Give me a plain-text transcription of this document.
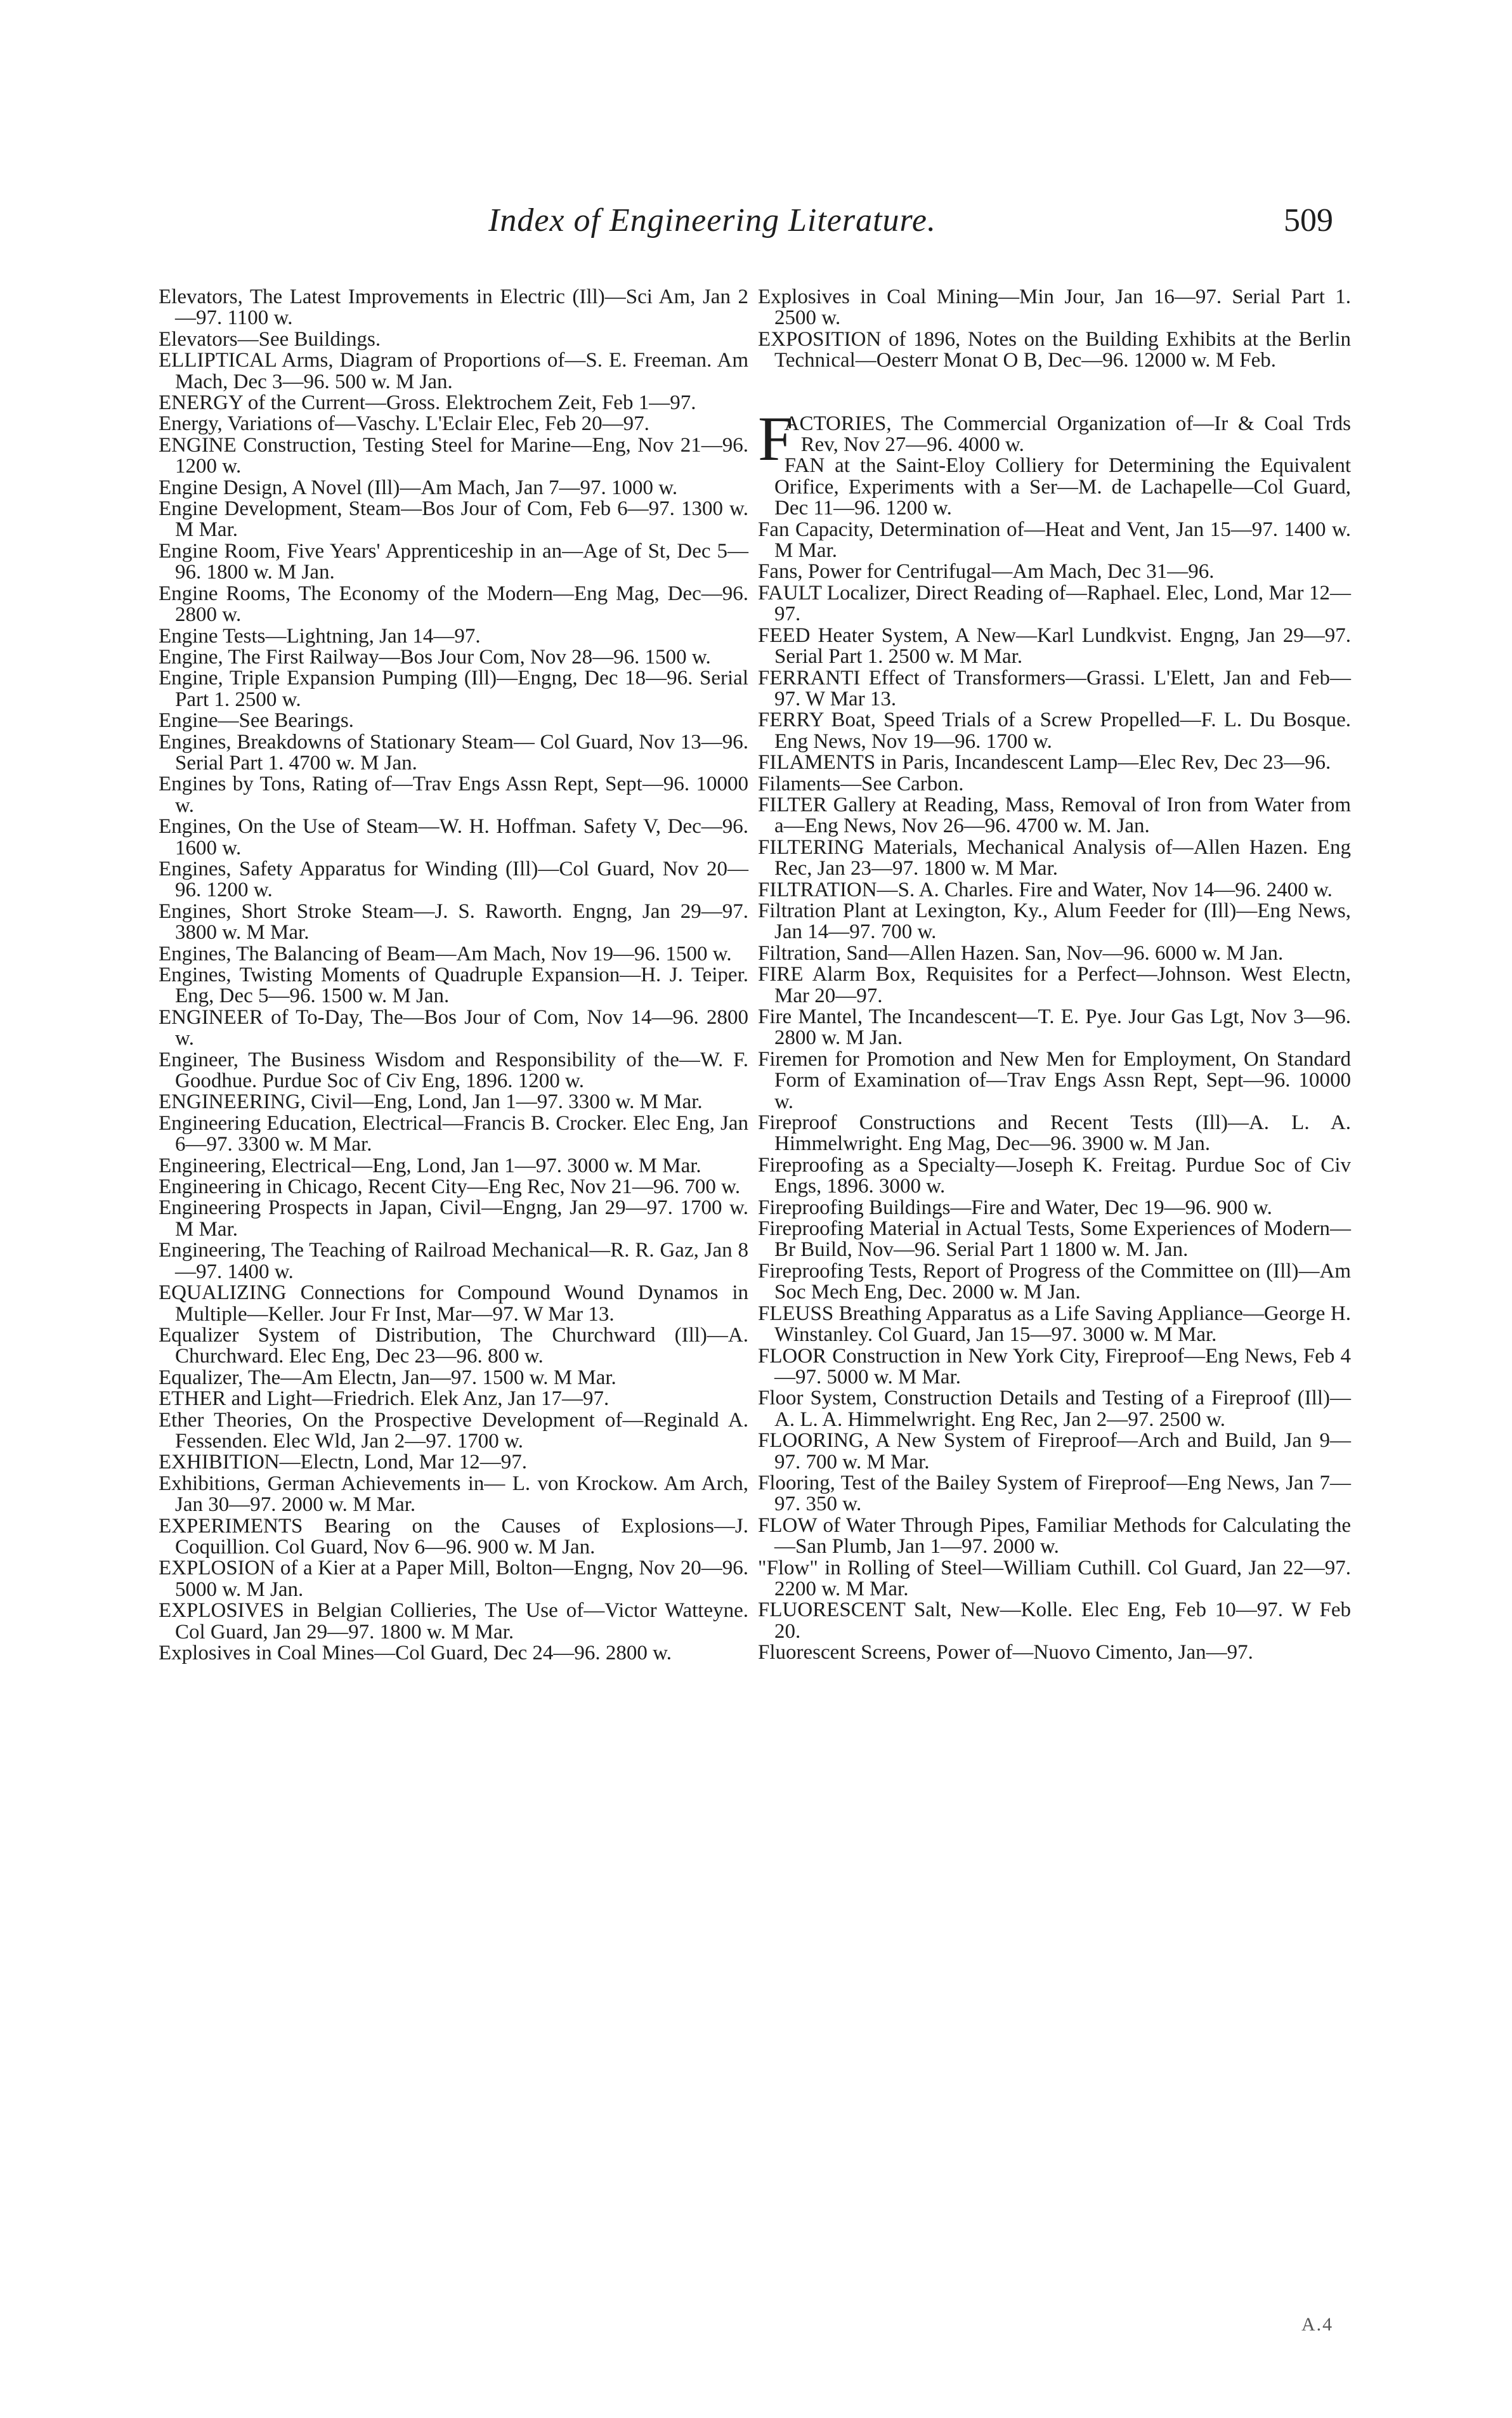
Index of Engineering Literature.	509
Elevators, The Latest Improvements in Electric (Ill)—Sci Am, Jan 2—97. 1100 w.
Elevators—See Buildings.
ELLIPTICAL Arms, Diagram of Proportions of—S. E. Freeman. Am Mach, Dec 3—96. 500 w. M Jan.
ENERGY of the Current—Gross. Elektrochem Zeit, Feb 1—97.
Energy, Variations of—Vaschy. L'Eclair Elec, Feb 20—97.
ENGINE Construction, Testing Steel for Marine—Eng, Nov 21—96. 1200 w.
Engine Design, A Novel (Ill)—Am Mach, Jan 7—97. 1000 w.
Engine Development, Steam—Bos Jour of Com, Feb 6—97. 1300 w. M Mar.
Engine Room, Five Years' Apprenticeship in an—Age of St, Dec 5—96. 1800 w. M Jan.
Engine Rooms, The Economy of the Modern—Eng Mag, Dec—96. 2800 w.
Engine Tests—Lightning, Jan 14—97.
Engine, The First Railway—Bos Jour Com, Nov 28—96. 1500 w.
Engine, Triple Expansion Pumping (Ill)—Engng, Dec 18—96. Serial Part 1. 2500 w.
Engine—See Bearings.
Engines, Breakdowns of Stationary Steam— Col Guard, Nov 13—96. Serial Part 1. 4700 w. M Jan.
Engines by Tons, Rating of—Trav Engs Assn Rept, Sept—96. 10000 w.
Engines, On the Use of Steam—W. H. Hoffman. Safety V, Dec—96. 1600 w.
Engines, Safety Apparatus for Winding (Ill)—Col Guard, Nov 20—96. 1200 w.
Engines, Short Stroke Steam—J. S. Raworth. Engng, Jan 29—97. 3800 w. M Mar.
Engines, The Balancing of Beam—Am Mach, Nov 19—96. 1500 w.
Engines, Twisting Moments of Quadruple Expansion—H. J. Teiper. Eng, Dec 5—96. 1500 w. M Jan.
ENGINEER of To-Day, The—Bos Jour of Com, Nov 14—96. 2800 w.
Engineer, The Business Wisdom and Responsibility of the—W. F. Goodhue. Purdue Soc of Civ Eng, 1896. 1200 w.
ENGINEERING, Civil—Eng, Lond, Jan 1—97. 3300 w. M Mar.
Engineering Education, Electrical—Francis B. Crocker. Elec Eng, Jan 6—97. 3300 w. M Mar.
Engineering, Electrical—Eng, Lond, Jan 1—97. 3000 w. M Mar.
Engineering in Chicago, Recent City—Eng Rec, Nov 21—96. 700 w.
Engineering Prospects in Japan, Civil—Engng, Jan 29—97. 1700 w. M Mar.
Engineering, The Teaching of Railroad Mechanical—R. R. Gaz, Jan 8—97. 1400 w.
EQUALIZING Connections for Compound Wound Dynamos in Multiple—Keller. Jour Fr Inst, Mar—97. W Mar 13.
Equalizer System of Distribution, The Churchward (Ill)—A. Churchward. Elec Eng, Dec 23—96. 800 w.
Equalizer, The—Am Electn, Jan—97. 1500 w. M Mar.
ETHER and Light—Friedrich. Elek Anz, Jan 17—97.
Ether Theories, On the Prospective Development of—Reginald A. Fessenden. Elec Wld, Jan 2—97. 1700 w.
EXHIBITION—Electn, Lond, Mar 12—97.
Exhibitions, German Achievements in— L. von Krockow. Am Arch, Jan 30—97. 2000 w. M Mar.
EXPERIMENTS Bearing on the Causes of Explosions—J. Coquillion. Col Guard, Nov 6—96. 900 w. M Jan.
EXPLOSION of a Kier at a Paper Mill, Bolton—Engng, Nov 20—96. 5000 w. M Jan.
EXPLOSIVES in Belgian Collieries, The Use of—Victor Watteyne. Col Guard, Jan 29—97. 1800 w. M Mar.
Explosives in Coal Mines—Col Guard, Dec 24—96. 2800 w.
Explosives in Coal Mining—Min Jour, Jan 16—97. Serial Part 1. 2500 w.
EXPOSITION of 1896, Notes on the Building Exhibits at the Berlin Technical—Oesterr Monat O B, Dec—96. 12000 w. M Feb.
F
ACTORIES, The Commercial Organization of—Ir & Coal Trds Rev, Nov 27—96. 4000 w.
FAN at the Saint-Eloy Colliery for Determining the Equivalent Orifice, Experiments with a Ser—M. de Lachapelle—Col Guard, Dec 11—96. 1200 w.
Fan Capacity, Determination of—Heat and Vent, Jan 15—97. 1400 w. M Mar.
Fans, Power for Centrifugal—Am Mach, Dec 31—96.
FAULT Localizer, Direct Reading of—Raphael. Elec, Lond, Mar 12—97.
FEED Heater System, A New—Karl Lundkvist. Engng, Jan 29—97. Serial Part 1. 2500 w. M Mar.
FERRANTI Effect of Transformers—Grassi. L'Elett, Jan and Feb—97. W Mar 13.
FERRY Boat, Speed Trials of a Screw Propelled—F. L. Du Bosque. Eng News, Nov 19—96. 1700 w.
FILAMENTS in Paris, Incandescent Lamp—Elec Rev, Dec 23—96.
Filaments—See Carbon.
FILTER Gallery at Reading, Mass, Removal of Iron from Water from a—Eng News, Nov 26—96. 4700 w. M. Jan.
FILTERING Materials, Mechanical Analysis of—Allen Hazen. Eng Rec, Jan 23—97. 1800 w. M Mar.
FILTRATION—S. A. Charles. Fire and Water, Nov 14—96. 2400 w.
Filtration Plant at Lexington, Ky., Alum Feeder for (Ill)—Eng News, Jan 14—97. 700 w.
Filtration, Sand—Allen Hazen. San, Nov—96. 6000 w. M Jan.
FIRE Alarm Box, Requisites for a Perfect—Johnson. West Electn, Mar 20—97.
Fire Mantel, The Incandescent—T. E. Pye. Jour Gas Lgt, Nov 3—96. 2800 w. M Jan.
Firemen for Promotion and New Men for Employment, On Standard Form of Examination of—Trav Engs Assn Rept, Sept—96. 10000 w.
Fireproof Constructions and Recent Tests (Ill)—A. L. A. Himmelwright. Eng Mag, Dec—96. 3900 w. M Jan.
Fireproofing as a Specialty—Joseph K. Freitag. Purdue Soc of Civ Engs, 1896. 3000 w.
Fireproofing Buildings—Fire and Water, Dec 19—96. 900 w.
Fireproofing Material in Actual Tests, Some Experiences of Modern—Br Build, Nov—96. Serial Part 1 1800 w. M. Jan.
Fireproofing Tests, Report of Progress of the Committee on (Ill)—Am Soc Mech Eng, Dec. 2000 w. M Jan.
FLEUSS Breathing Apparatus as a Life Saving Appliance—George H. Winstanley. Col Guard, Jan 15—97. 3000 w. M Mar.
FLOOR Construction in New York City, Fireproof—Eng News, Feb 4—97. 5000 w. M Mar.
Floor System, Construction Details and Testing of a Fireproof (Ill)—A. L. A. Himmelwright. Eng Rec, Jan 2—97. 2500 w.
FLOORING, A New System of Fireproof—Arch and Build, Jan 9—97. 700 w. M Mar.
Flooring, Test of the Bailey System of Fireproof—Eng News, Jan 7—97. 350 w.
FLOW of Water Through Pipes, Familiar Methods for Calculating the—San Plumb, Jan 1—97. 2000 w.
"Flow" in Rolling of Steel—William Cuthill. Col Guard, Jan 22—97. 2200 w. M Mar.
FLUORESCENT Salt, New—Kolle. Elec Eng, Feb 10—97. W Feb 20.
Fluorescent Screens, Power of—Nuovo Cimento, Jan—97.
A.4
